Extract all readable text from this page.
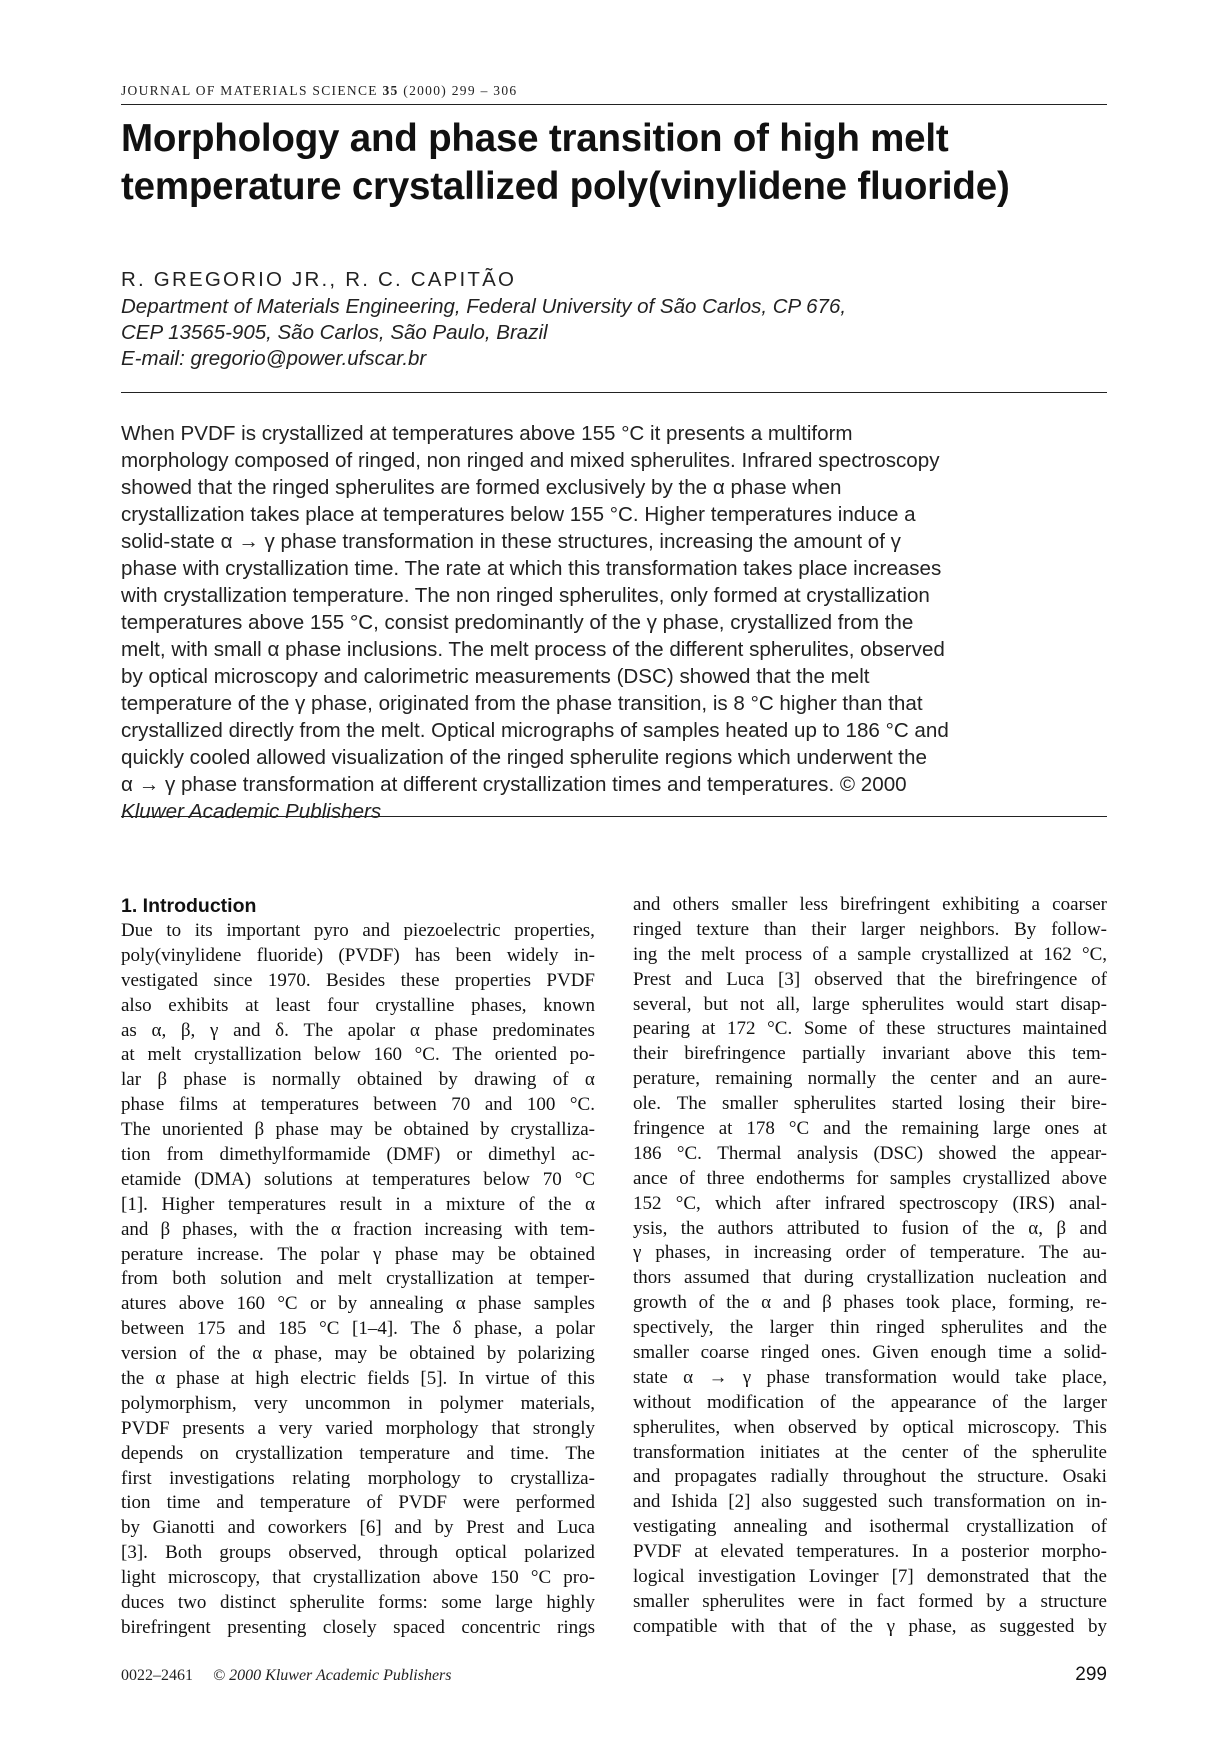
JOURNAL OF MATERIALS SCIENCE 35 (2000) 299 – 306
Morphology and phase transition of high melt
temperature crystallized poly(vinylidene fluoride)
R. GREGORIO JR., R. C. CAPITÃO
Department of Materials Engineering, Federal University of São Carlos, CP 676,
CEP 13565-905, São Carlos, São Paulo, Brazil
E-mail: gregorio@power.ufscar.br
When PVDF is crystallized at temperatures above 155 °C it presents a multiform
morphology composed of ringed, non ringed and mixed spherulites. Infrared spectroscopy
showed that the ringed spherulites are formed exclusively by the α phase when
crystallization takes place at temperatures below 155 °C. Higher temperatures induce a
solid-state α → γ phase transformation in these structures, increasing the amount of γ
phase with crystallization time. The rate at which this transformation takes place increases
with crystallization temperature. The non ringed spherulites, only formed at crystallization
temperatures above 155 °C, consist predominantly of the γ phase, crystallized from the
melt, with small α phase inclusions. The melt process of the different spherulites, observed
by optical microscopy and calorimetric measurements (DSC) showed that the melt
temperature of the γ phase, originated from the phase transition, is 8 °C higher than that
crystallized directly from the melt. Optical micrographs of samples heated up to 186 °C and
quickly cooled allowed visualization of the ringed spherulite regions which underwent the
α → γ phase transformation at different crystallization times and temperatures. © 2000
Kluwer Academic Publishers
1. Introduction
Due to its important pyro and piezoelectric properties,
poly(vinylidene fluoride) (PVDF) has been widely in-
vestigated since 1970. Besides these properties PVDF
also exhibits at least four crystalline phases, known
as α, β, γ and δ. The apolar α phase predominates
at melt crystallization below 160 °C. The oriented po-
lar β phase is normally obtained by drawing of α
phase films at temperatures between 70 and 100 °C.
The unoriented β phase may be obtained by crystalliza-
tion from dimethylformamide (DMF) or dimethyl ac-
etamide (DMA) solutions at temperatures below 70 °C
[1]. Higher temperatures result in a mixture of the α
and β phases, with the α fraction increasing with tem-
perature increase. The polar γ phase may be obtained
from both solution and melt crystallization at temper-
atures above 160 °C or by annealing α phase samples
between 175 and 185 °C [1–4]. The δ phase, a polar
version of the α phase, may be obtained by polarizing
the α phase at high electric fields [5]. In virtue of this
polymorphism, very uncommon in polymer materials,
PVDF presents a very varied morphology that strongly
depends on crystallization temperature and time. The
first investigations relating morphology to crystalliza-
tion time and temperature of PVDF were performed
by Gianotti and coworkers [6] and by Prest and Luca
[3]. Both groups observed, through optical polarized
light microscopy, that crystallization above 150 °C pro-
duces two distinct spherulite forms: some large highly
birefringent presenting closely spaced concentric rings
and others smaller less birefringent exhibiting a coarser
ringed texture than their larger neighbors. By follow-
ing the melt process of a sample crystallized at 162 °C,
Prest and Luca [3] observed that the birefringence of
several, but not all, large spherulites would start disap-
pearing at 172 °C. Some of these structures maintained
their birefringence partially invariant above this tem-
perature, remaining normally the center and an aure-
ole. The smaller spherulites started losing their bire-
fringence at 178 °C and the remaining large ones at
186 °C. Thermal analysis (DSC) showed the appear-
ance of three endotherms for samples crystallized above
152 °C, which after infrared spectroscopy (IRS) anal-
ysis, the authors attributed to fusion of the α, β and
γ phases, in increasing order of temperature. The au-
thors assumed that during crystallization nucleation and
growth of the α and β phases took place, forming, re-
spectively, the larger thin ringed spherulites and the
smaller coarse ringed ones. Given enough time a solid-
state α → γ phase transformation would take place,
without modification of the appearance of the larger
spherulites, when observed by optical microscopy. This
transformation initiates at the center of the spherulite
and propagates radially throughout the structure. Osaki
and Ishida [2] also suggested such transformation on in-
vestigating annealing and isothermal crystallization of
PVDF at elevated temperatures. In a posterior morpho-
logical investigation Lovinger [7] demonstrated that the
smaller spherulites were in fact formed by a structure
compatible with that of the γ phase, as suggested by
0022–2461 © 2000 Kluwer Academic Publishers	299
